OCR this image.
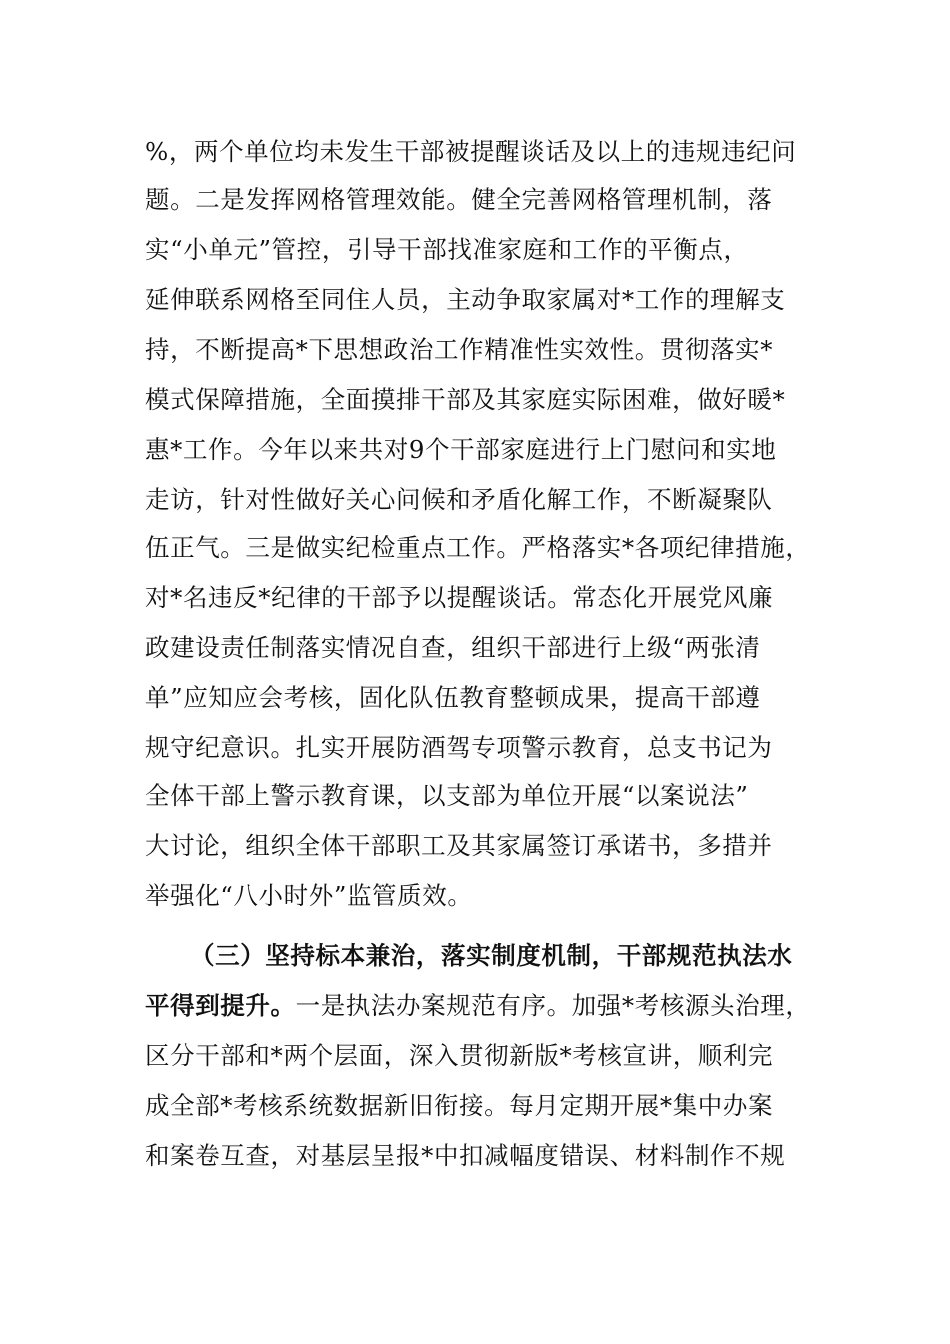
%，两个单位均未发生干部被提醒谈话及以上的违规违纪问
题。二是发挥网格管理效能。健全完善网格管理机制，落
实“小单元”管控，引导干部找准家庭和工作的平衡点，
延伸联系网格至同住人员，主动争取家属对*工作的理解支
持，不断提高*下思想政治工作精准性实效性。贯彻落实*
模式保障措施，全面摸排干部及其家庭实际困难，做好暖*
惠*工作。今年以来共对9个干部家庭进行上门慰问和实地
走访，针对性做好关心问候和矛盾化解工作，不断凝聚队
伍正气。三是做实纪检重点工作。严格落实*各项纪律措施，
对*名违反*纪律的干部予以提醒谈话。常态化开展党风廉
政建设责任制落实情况自查，组织干部进行上级“两张清
单”应知应会考核，固化队伍教育整顿成果，提高干部遵
规守纪意识。扎实开展防酒驾专项警示教育，总支书记为
全体干部上警示教育课，以支部为单位开展“以案说法”
大讨论，组织全体干部职工及其家属签订承诺书，多措并
举强化“八小时外”监管质效。
（三）坚持标本兼治，落实制度机制，干部规范执法水
平得到提升。一是执法办案规范有序。加强*考核源头治理，
区分干部和*两个层面，深入贯彻新版*考核宣讲，顺利完
成全部*考核系统数据新旧衔接。每月定期开展*集中办案
和案卷互查，对基层呈报*中扣减幅度错误、材料制作不规
